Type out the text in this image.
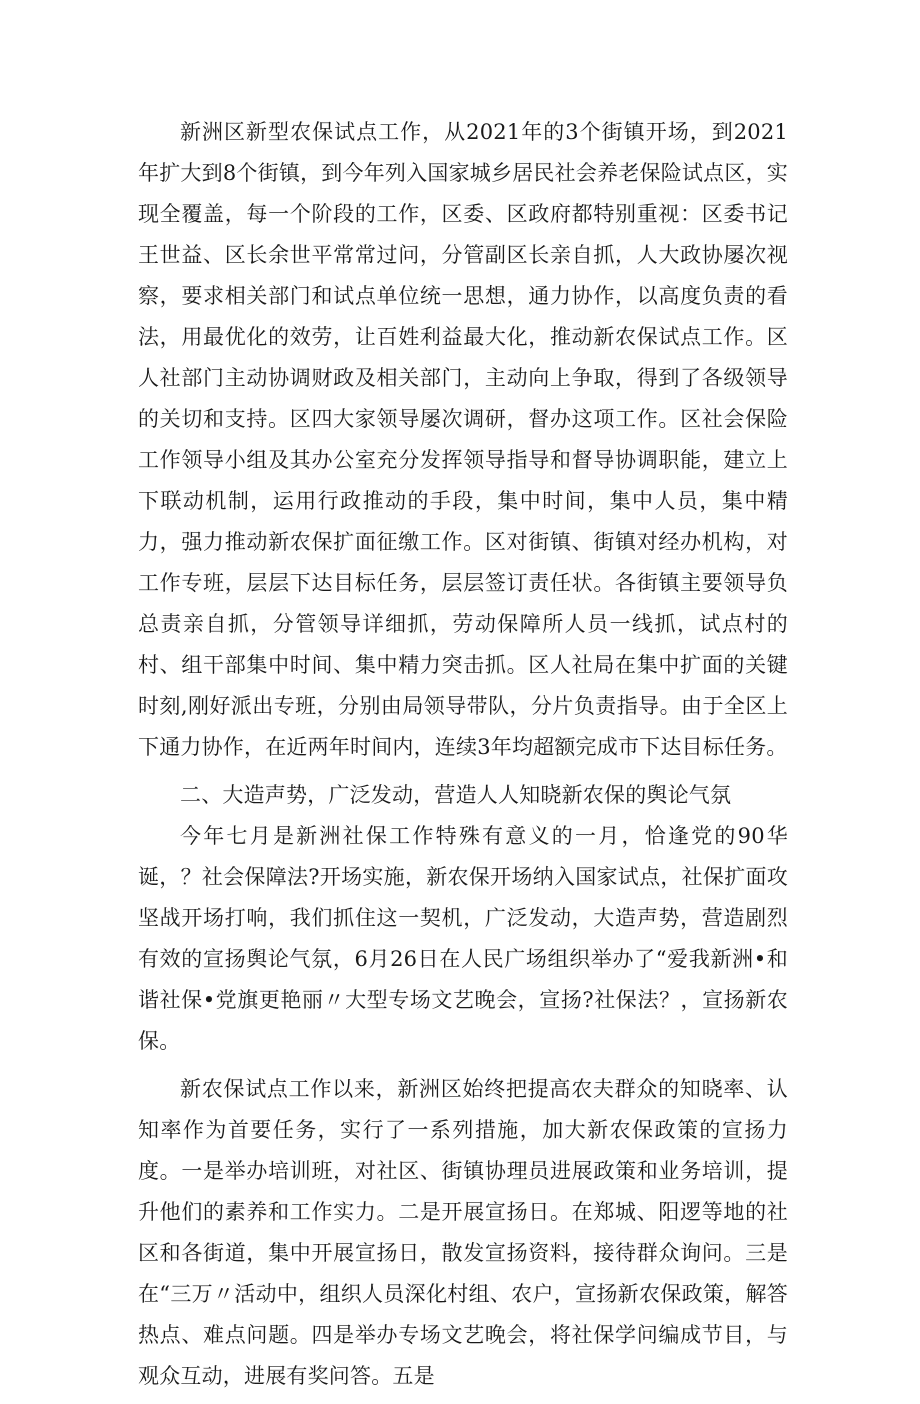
新洲区新型农保试点工作，从2021年的3个街镇开场，到2021年扩大到8个街镇，到今年列入国家城乡居民社会养老保险试点区，实现全覆盖，每一个阶段的工作，区委、区政府都特别重视：区委书记王世益、区长余世平常常过问，分管副区长亲自抓，人大政协屡次视察，要求相关部门和试点单位统一思想，通力协作，以高度负责的看法，用最优化的效劳，让百姓利益最大化，推动新农保试点工作。区人社部门主动协调财政及相关部门，主动向上争取，得到了各级领导的关切和支持。区四大家领导屡次调研，督办这项工作。区社会保险工作领导小组及其办公室充分发挥领导指导和督导协调职能，建立上下联动机制，运用行政推动的手段，集中时间，集中人员，集中精力，强力推动新农保扩面征缴工作。区对街镇、街镇对经办机构，对工作专班，层层下达目标任务，层层签订责任状。各街镇主要领导负总责亲自抓，分管领导详细抓，劳动保障所人员一线抓，试点村的村、组干部集中时间、集中精力突击抓。区人社局在集中扩面的关键时刻,刚好派出专班，分别由局领导带队，分片负责指导。由于全区上下通力协作，在近两年时间内，连续3年均超额完成市下达目标任务。

二、大造声势，广泛发动，营造人人知晓新农保的舆论气氛

今年七月是新洲社保工作特殊有意义的一月，恰逢党的90华诞，？社会保障法?开场实施，新农保开场纳入国家试点，社保扩面攻坚战开场打响，我们抓住这一契机，广泛发动，大造声势，营造剧烈有效的宣扬舆论气氛，6月26日在人民广场组织举办了“爱我新洲•和谐社保•党旗更艳丽〃大型专场文艺晚会，宣扬?社保法？，宣扬新农保。

新农保试点工作以来，新洲区始终把提高农夫群众的知晓率、认知率作为首要任务，实行了一系列措施，加大新农保政策的宣扬力度。一是举办培训班，对社区、街镇协理员进展政策和业务培训，提升他们的素养和工作实力。二是开展宣扬日。在郑城、阳逻等地的社区和各街道，集中开展宣扬日，散发宣扬资料，接待群众询问。三是在“三万〃活动中，组织人员深化村组、农户，宣扬新农保政策，解答热点、难点问题。四是举办专场文艺晚会，将社保学问编成节目，与观众互动，进展有奖问答。五是
